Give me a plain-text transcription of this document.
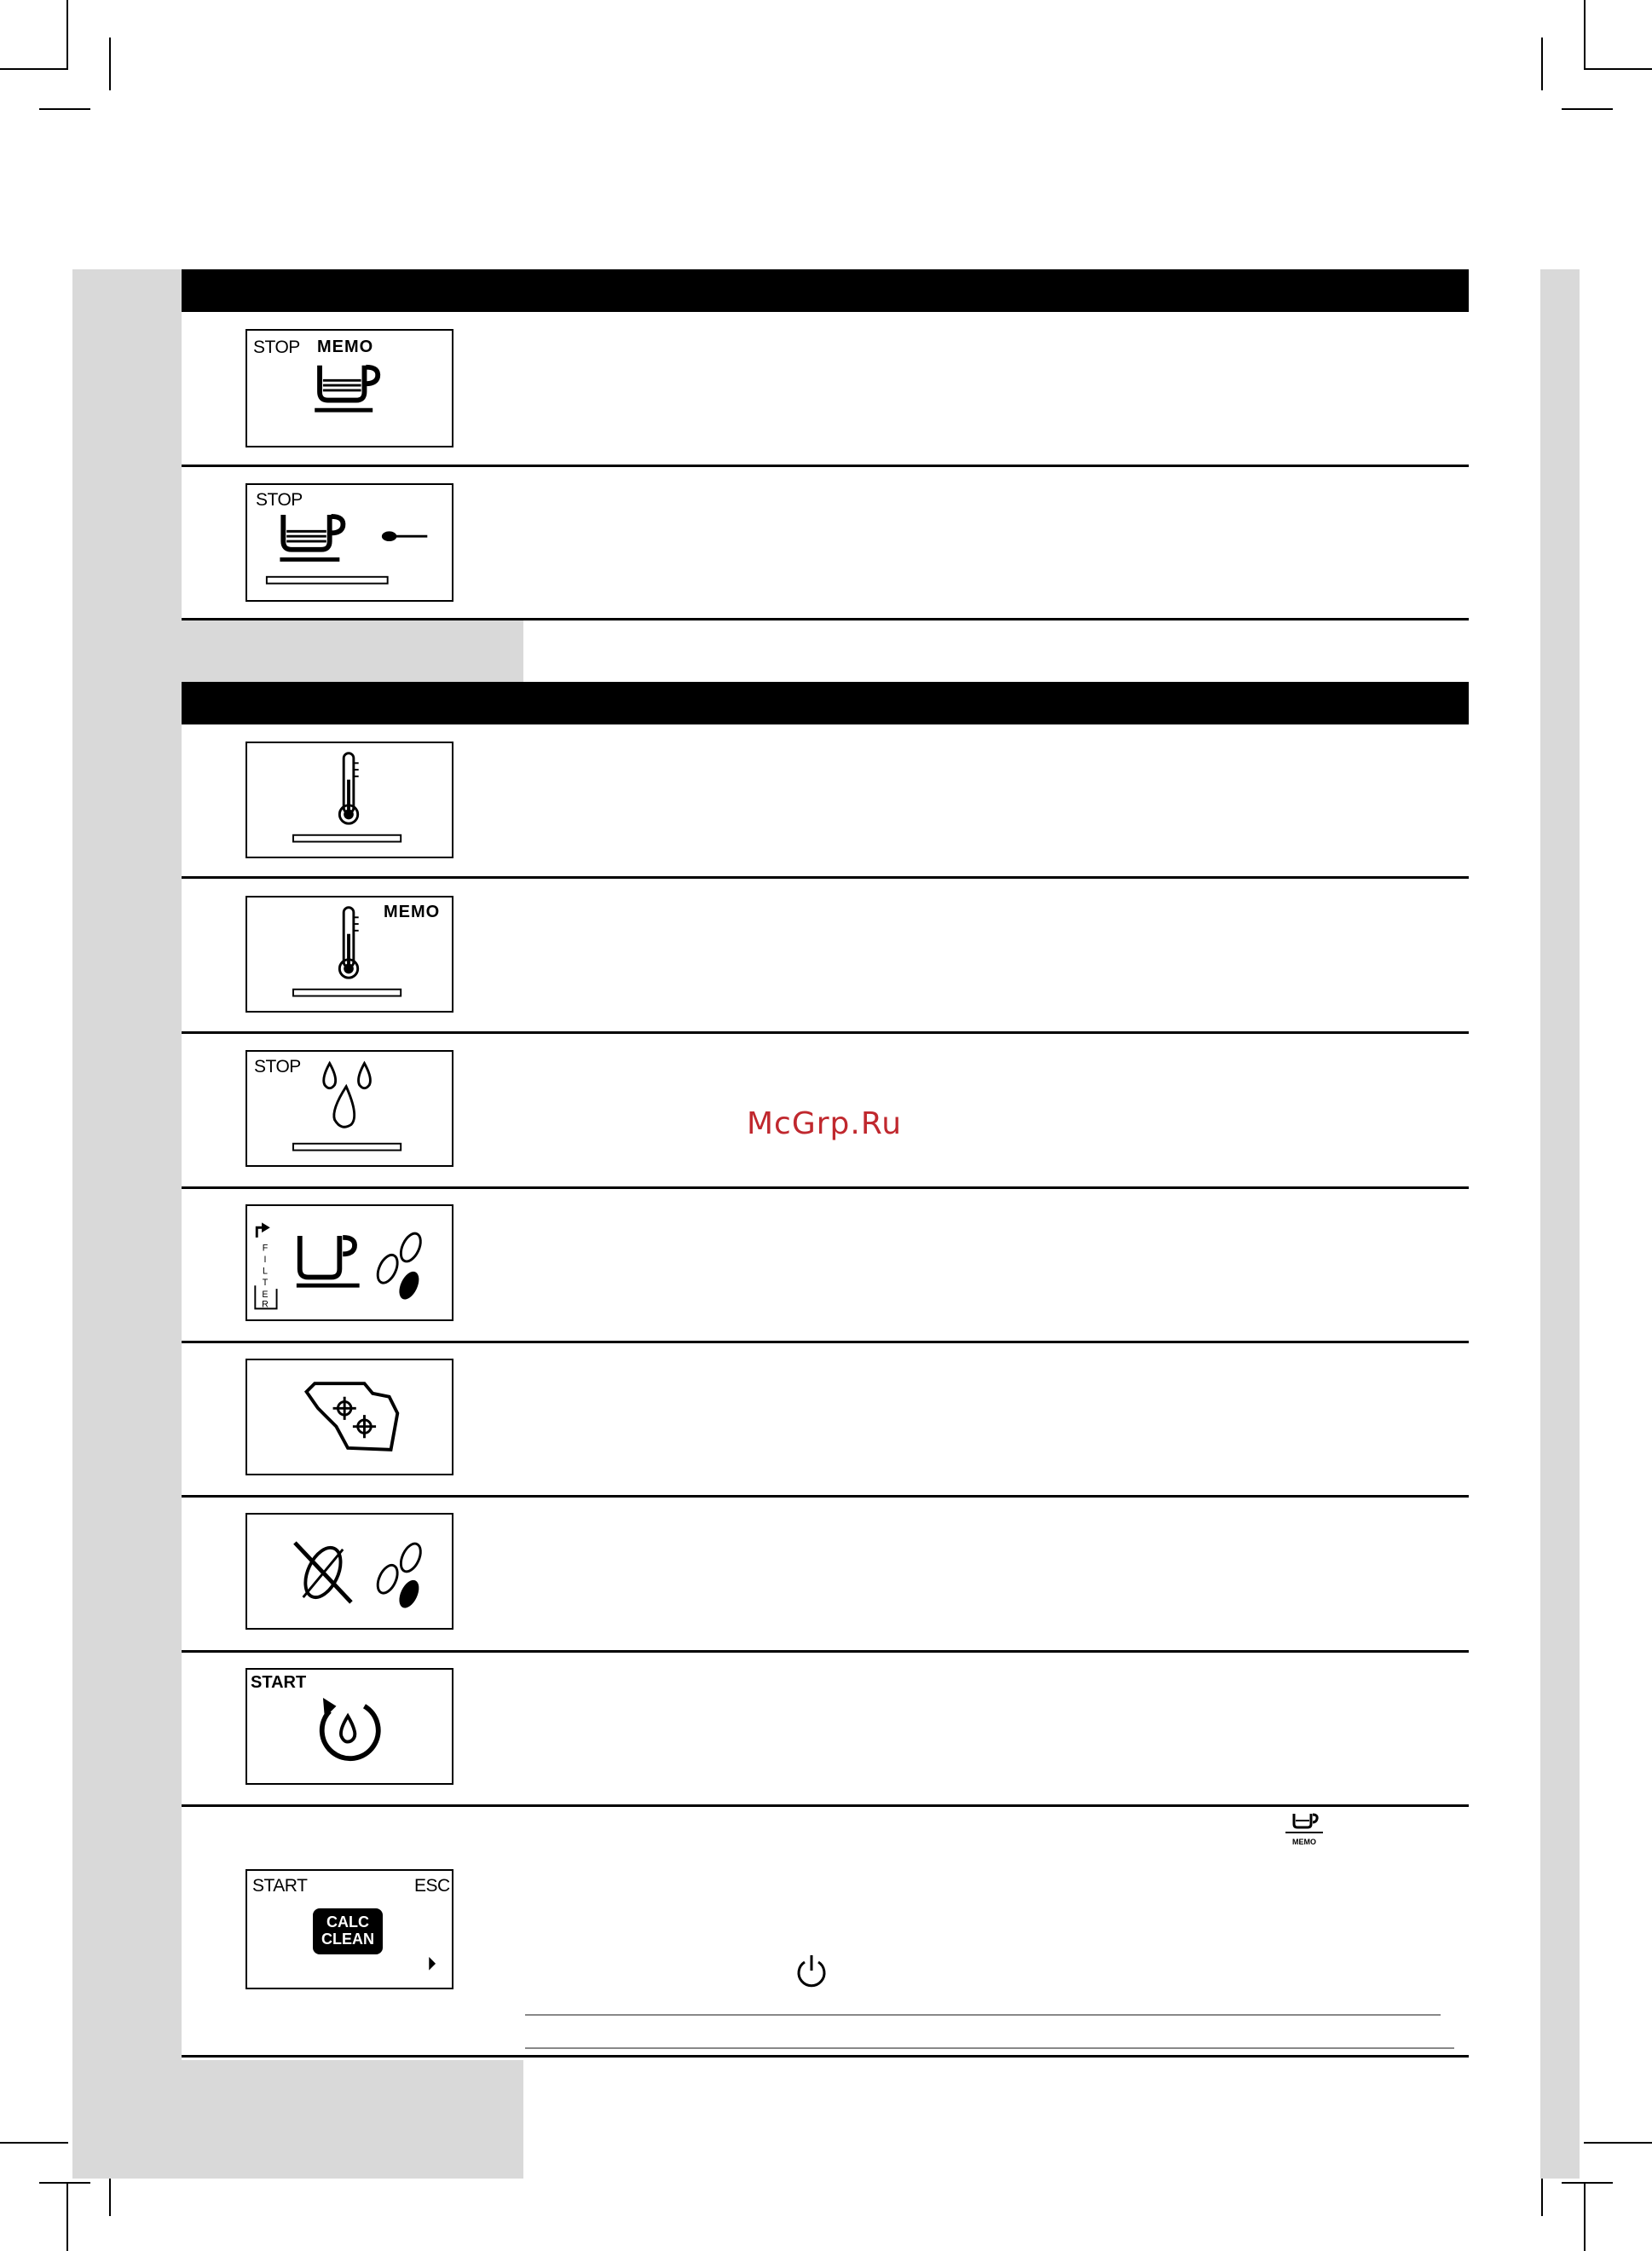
STOP MEMO
STOP
MEMO
STOP
F
I
L
T
E
R
START
START	ESC
CALC
CLEAN
MEMO
McGrp.Ru
